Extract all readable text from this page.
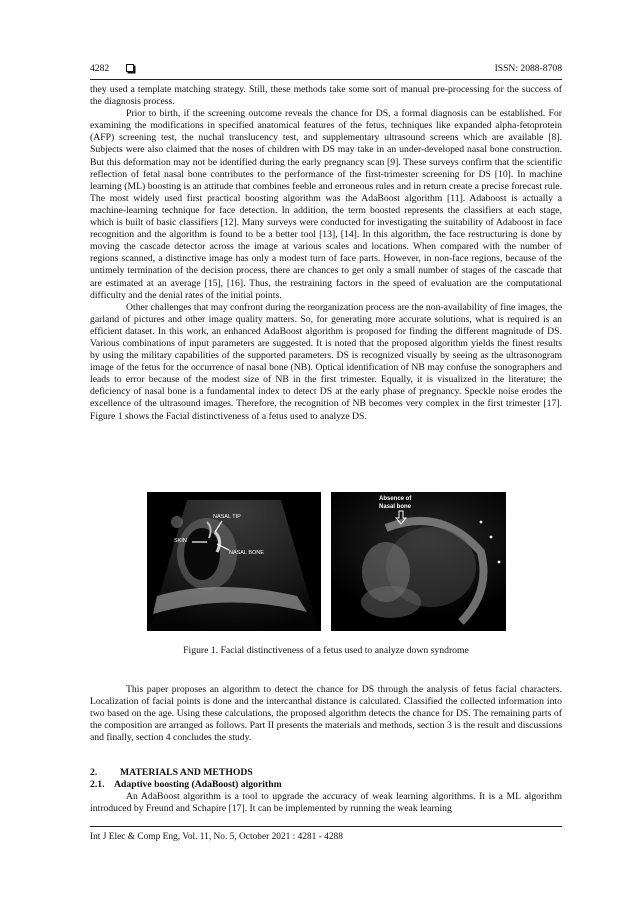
4282	ISSN: 2088-8708

they used a template matching strategy. Still, these methods take some sort of manual pre-processing for the success of the diagnosis process.

Prior to birth, if the screening outcome reveals the chance for DS, a formal diagnosis can be established. For examining the modifications in specified anatomical features of the fetus, techniques like expanded alpha-fetoprotein (AFP) screening test, the nuchal translucency test, and supplementary ultrasound screens which are available [8]. Subjects were also claimed that the noses of children with DS may take in an under-developed nasal bone construction. But this deformation may not be identified during the early pregnancy scan [9]. These surveys confirm that the scientific reflection of fetal nasal bone contributes to the performance of the first-trimester screening for DS [10]. In machine learning (ML) boosting is an attitude that combines feeble and erroneous rules and in return create a precise forecast rule. The most widely used first practical boosting algorithm was the AdaBoost algorithm [11]. Adaboost is actually a machine-learning technique for face detection. In addition, the term boosted represents the classifiers at each stage, which is built of basic classifiers [12]. Many surveys were conducted for investigating the suitability of Adaboost in face recognition and the algorithm is found to be a better tool [13], [14]. In this algorithm, the face restructuring is done by moving the cascade detector across the image at various scales and locations. When compared with the number of regions scanned, a distinctive image has only a modest turn of face parts. However, in non-face regions, because of the untimely termination of the decision process, there are chances to get only a small number of stages of the cascade that are estimated at an average [15], [16]. Thus, the restraining factors in the speed of evaluation are the computational difficulty and the denial rates of the initial points.

Other challenges that may confront during the reorganization process are the non-availability of fine images, the garland of pictures and other image quality matters. So, for generating more accurate solutions, what is required is an efficient dataset. In this work, an enhanced AdaBoost algorithm is proposed for finding the different magnitude of DS. Various combinations of input parameters are suggested. It is noted that the proposed algorithm yields the finest results by using the military capabilities of the supported parameters. DS is recognized visually by seeing as the ultrasonogram image of the fetus for the occurrence of nasal bone (NB). Optical identification of NB may confuse the sonographers and leads to error because of the modest size of NB in the first trimester. Equally, it is visualized in the literature; the deficiency of nasal bone is a fundamental index to detect DS at the early phase of pregnancy. Speckle noise erodes the excellence of the ultrasound images. Therefore, the recognition of NB becomes very complex in the first trimester [17]. Figure 1 shows the Facial distinctiveness of a fetus used to analyze DS.

NASAL TIP
SKIN
NASAL BONE
Absence of
Nasal bone
Figure 1. Facial distinctiveness of a fetus used to analyze down syndrome

This paper proposes an algorithm to detect the chance for DS through the analysis of fetus facial characters. Localization of facial points is done and the intercanthal distance is calculated. Classified the collected information into two based on the age. Using these calculations, the proposed algorithm detects the chance for DS. The remaining parts of the composition are arranged as follows. Part II presents the materials and methods, section 3 is the result and discussions and finally, section 4 concludes the study.

2. MATERIALS AND METHODS
2.1. Adaptive boosting (AdaBoost) algorithm

An AdaBoost algorithm is a tool to upgrade the accuracy of weak learning algorithms. It is a ML algorithm introduced by Freund and Schapire [17]. It can be implemented by running the weak learning

Int J Elec & Comp Eng, Vol. 11, No. 5, October 2021 : 4281 - 4288
